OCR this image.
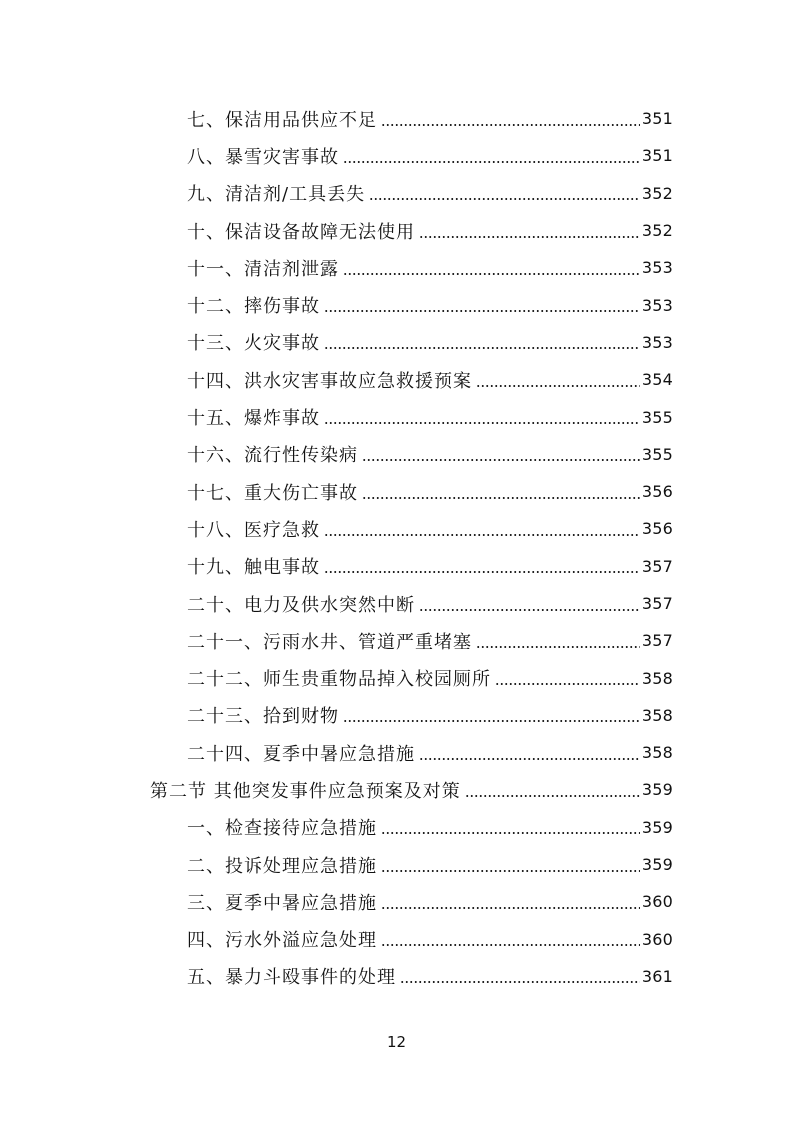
七、保洁用品供应不足	351
八、暴雪灾害事故	351
九、清洁剂/工具丢失	352
十、保洁设备故障无法使用	352
十一、清洁剂泄露	353
十二、摔伤事故	353
十三、火灾事故	353
十四、洪水灾害事故应急救援预案	354
十五、爆炸事故	355
十六、流行性传染病	355
十七、重大伤亡事故	356
十八、医疗急救	356
十九、触电事故	357
二十、电力及供水突然中断	357
二十一、污雨水井、管道严重堵塞	357
二十二、师生贵重物品掉入校园厕所	358
二十三、拾到财物	358
二十四、夏季中暑应急措施	358
第二节 其他突发事件应急预案及对策	359
一、检查接待应急措施	359
二、投诉处理应急措施	359
三、夏季中暑应急措施	360
四、污水外溢应急处理	360
五、暴力斗殴事件的处理	361
12
